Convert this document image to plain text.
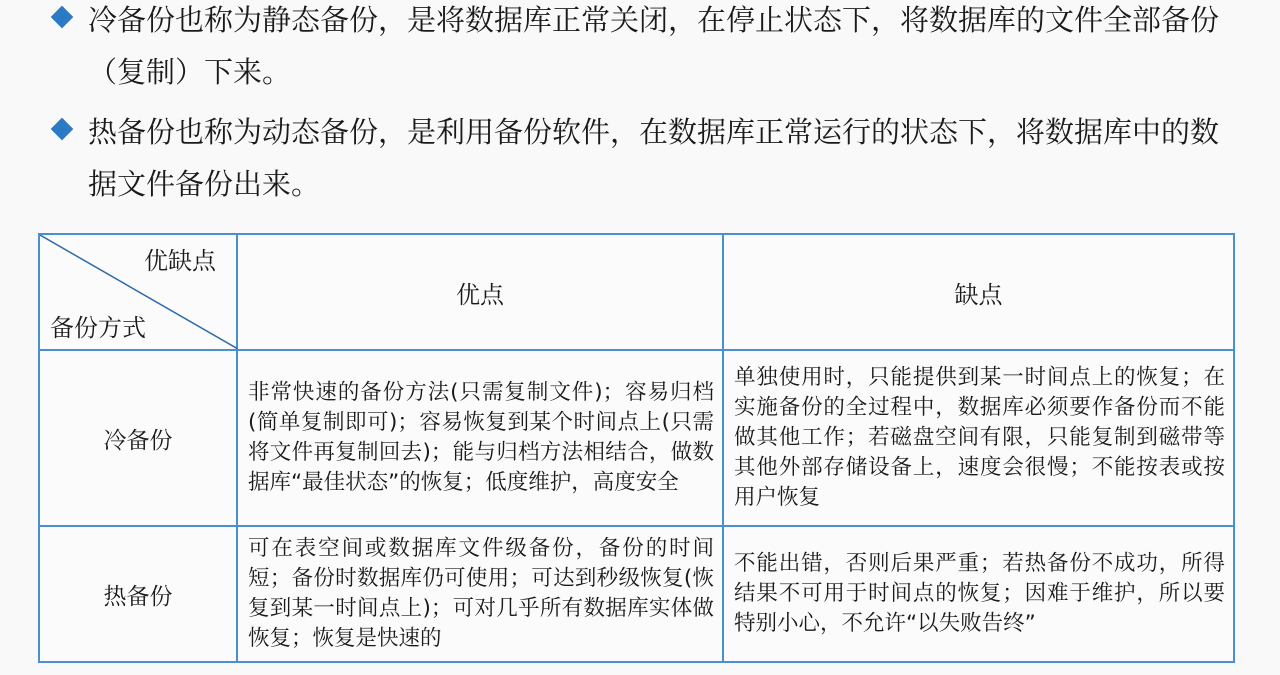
冷备份也称为静态备份，是将数据库正常关闭，在停止状态下，将数据库的文件全部备份（复制）下来。
热备份也称为动态备份，是利用备份软件，在数据库正常运行的状态下，将数据库中的数据文件备份出来。
优缺点
备份方式	优点	缺点
冷备份	非常快速的备份方法(只需复制文件)；容易归档(简单复制即可)；容易恢复到某个时间点上(只需将文件再复制回去)；能与归档方法相结合，做数据库“最佳状态”的恢复；低度维护，高度安全	单独使用时，只能提供到某一时间点上的恢复；在实施备份的全过程中，数据库必须要作备份而不能做其他工作；若磁盘空间有限，只能复制到磁带等其他外部存储设备上，速度会很慢；不能按表或按用户恢复
热备份	可在表空间或数据库文件级备份，备份的时间短；备份时数据库仍可使用；可达到秒级恢复(恢复到某一时间点上)；可对几乎所有数据库实体做恢复；恢复是快速的	不能出错，否则后果严重；若热备份不成功，所得结果不可用于时间点的恢复；因难于维护，所以要特别小心，不允许“以失败告终”
